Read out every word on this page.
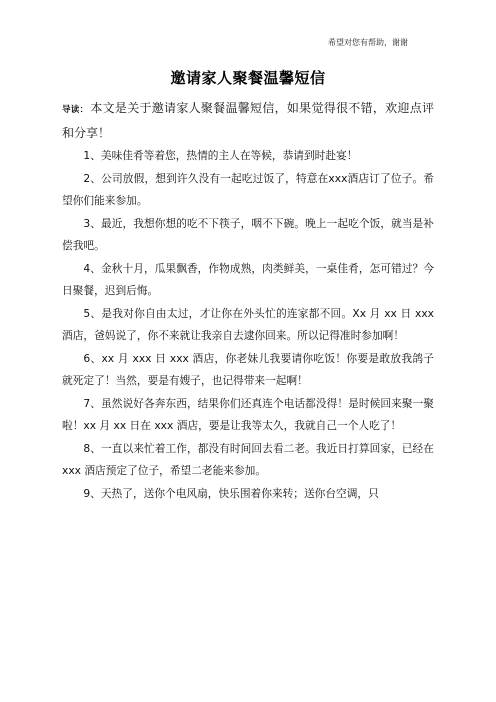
希望对您有帮助，谢谢
邀请家人聚餐温馨短信

导读： 本文是关于邀请家人聚餐温馨短信，如果觉得很不错，欢迎点评和分享！

1、美味佳肴等着您，热情的主人在等候，恭请到时赴宴！

2、公司放假，想到许久没有一起吃过饭了，特意在xxx酒店订了位子。希望你们能来参加。

3、最近，我想你想的吃不下筷子，咽不下碗。晚上一起吃个饭，就当是补偿我吧。

4、金秋十月，瓜果飘香，作物成熟，肉类鲜美，一桌佳肴，怎可错过？今日聚餐，迟到后悔。

5、是我对你自由太过，才让你在外头忙的连家都不回。Xx 月 xx 日 xxx 酒店，爸妈说了，你不来就让我亲自去逮你回来。所以记得准时参加啊！

6、xx 月 xxx 日 xxx 酒店，你老妹儿我要请你吃饭！你要是敢放我鸽子就死定了！当然，要是有嫂子，也记得带来一起啊！

7、虽然说好各奔东西，结果你们还真连个电话都没得！是时候回来聚一聚啦！xx 月 xx 日在 xxx 酒店，要是让我等太久，我就自己一个人吃了！

8、一直以来忙着工作，都没有时间回去看二老。我近日打算回家，已经在 xxx 酒店预定了位子，希望二老能来参加。

9、天热了，送你个电风扇，快乐围着你来转；送你台空调，只
